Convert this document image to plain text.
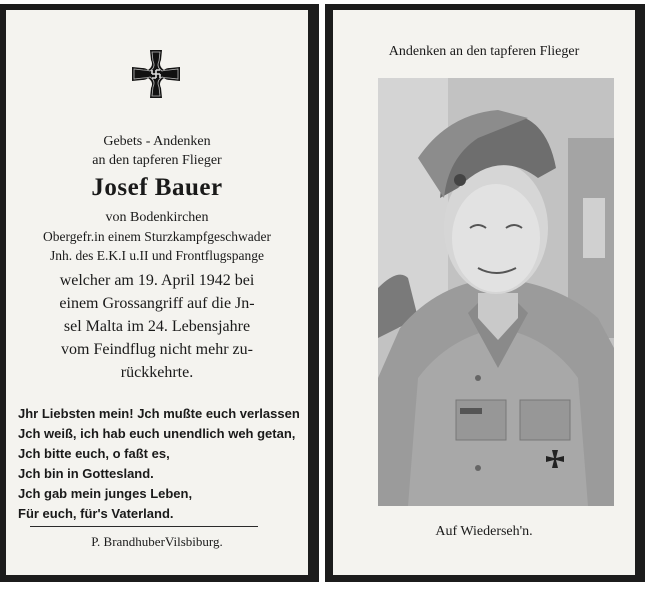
Gebets - Andenken
an den tapferen Flieger
Josef Bauer
von Bodenkirchen
Obergefr.in einem Sturzkampfgeschwader
Jnh. des E.K.I u.II und Frontflugspange
welcher am 19. April 1942 bei
einem Grossangriff auf die Jn-
sel Malta im 24. Lebensjahre
vom Feindflug nicht mehr zu-
rückkehrte.
Jhr Liebsten mein! Jch mußte euch verlassen
Jch weiß, ich hab euch unendlich weh getan,
Jch bitte euch, o faßt es,
Jch bin in Gottesland.
Jch gab mein junges Leben,
Für euch, für's Vaterland.
P. BrandhuberVilsbiburg.
Andenken an den tapferen Flieger
Auf Wiederseh'n.
